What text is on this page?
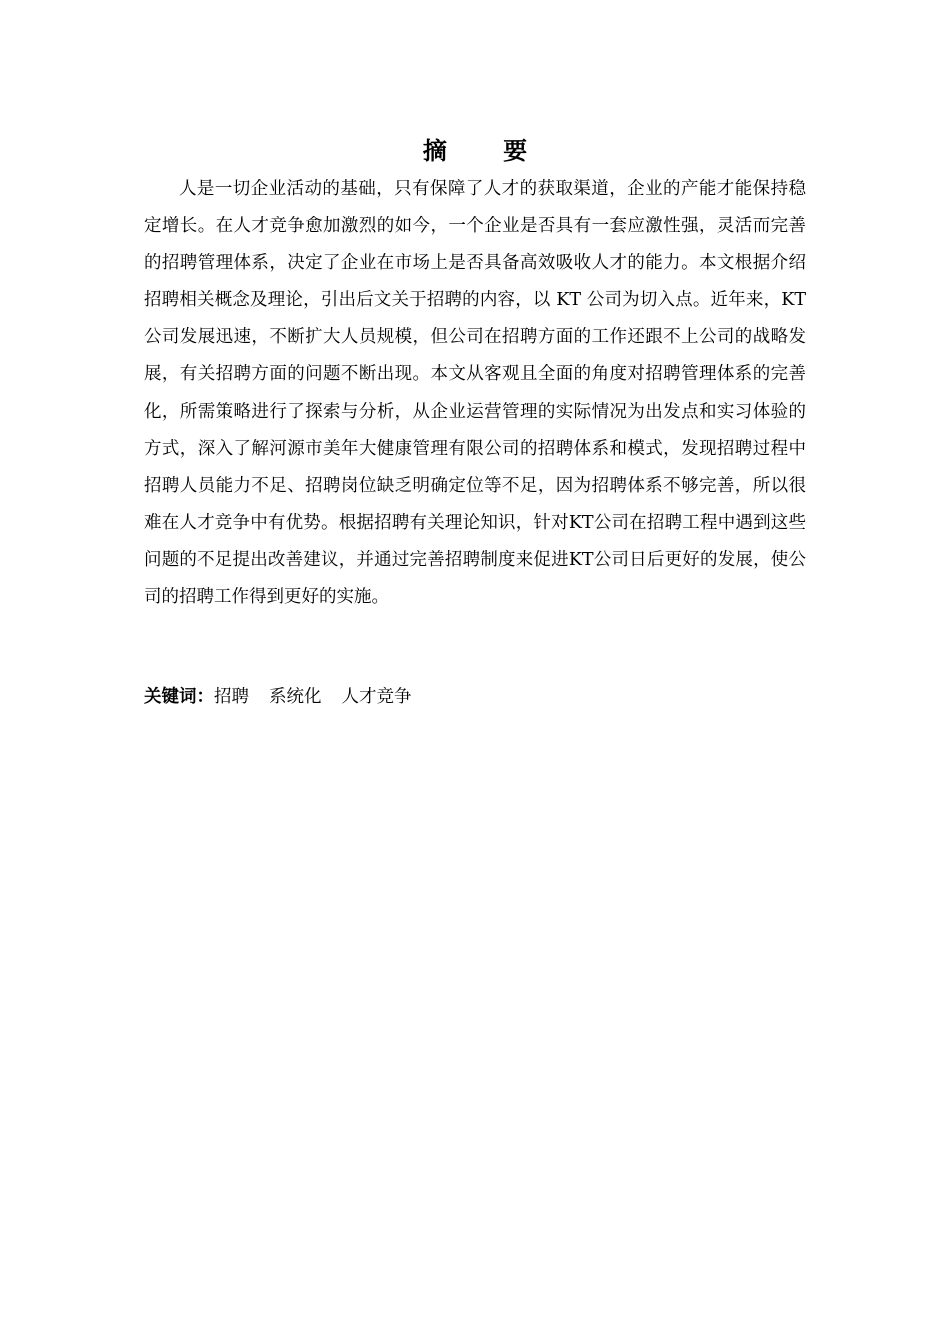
摘 要

人是一切企业活动的基础，只有保障了人才的获取渠道，企业的产能才能保持稳定增长。在人才竞争愈加激烈的如今，一个企业是否具有一套应激性强，灵活而完善的招聘管理体系，决定了企业在市场上是否具备高效吸收人才的能力。本文根据介绍招聘相关概念及理论，引出后文关于招聘的内容，以 KT 公司为切入点。近年来，KT 公司发展迅速，不断扩大人员规模，但公司在招聘方面的工作还跟不上公司的战略发展，有关招聘方面的问题不断出现。本文从客观且全面的角度对招聘管理体系的完善化，所需策略进行了探索与分析，从企业运营管理的实际情况为出发点和实习体验的方式，深入了解河源市美年大健康管理有限公司的招聘体系和模式，发现招聘过程中招聘人员能力不足、招聘岗位缺乏明确定位等不足，因为招聘体系不够完善，所以很难在人才竞争中有优势。根据招聘有关理论知识，针对KT公司在招聘工程中遇到这些问题的不足提出改善建议，并通过完善招聘制度来促进KT公司日后更好的发展，使公司的招聘工作得到更好的实施。

关键词：招聘 系统化 人才竞争
